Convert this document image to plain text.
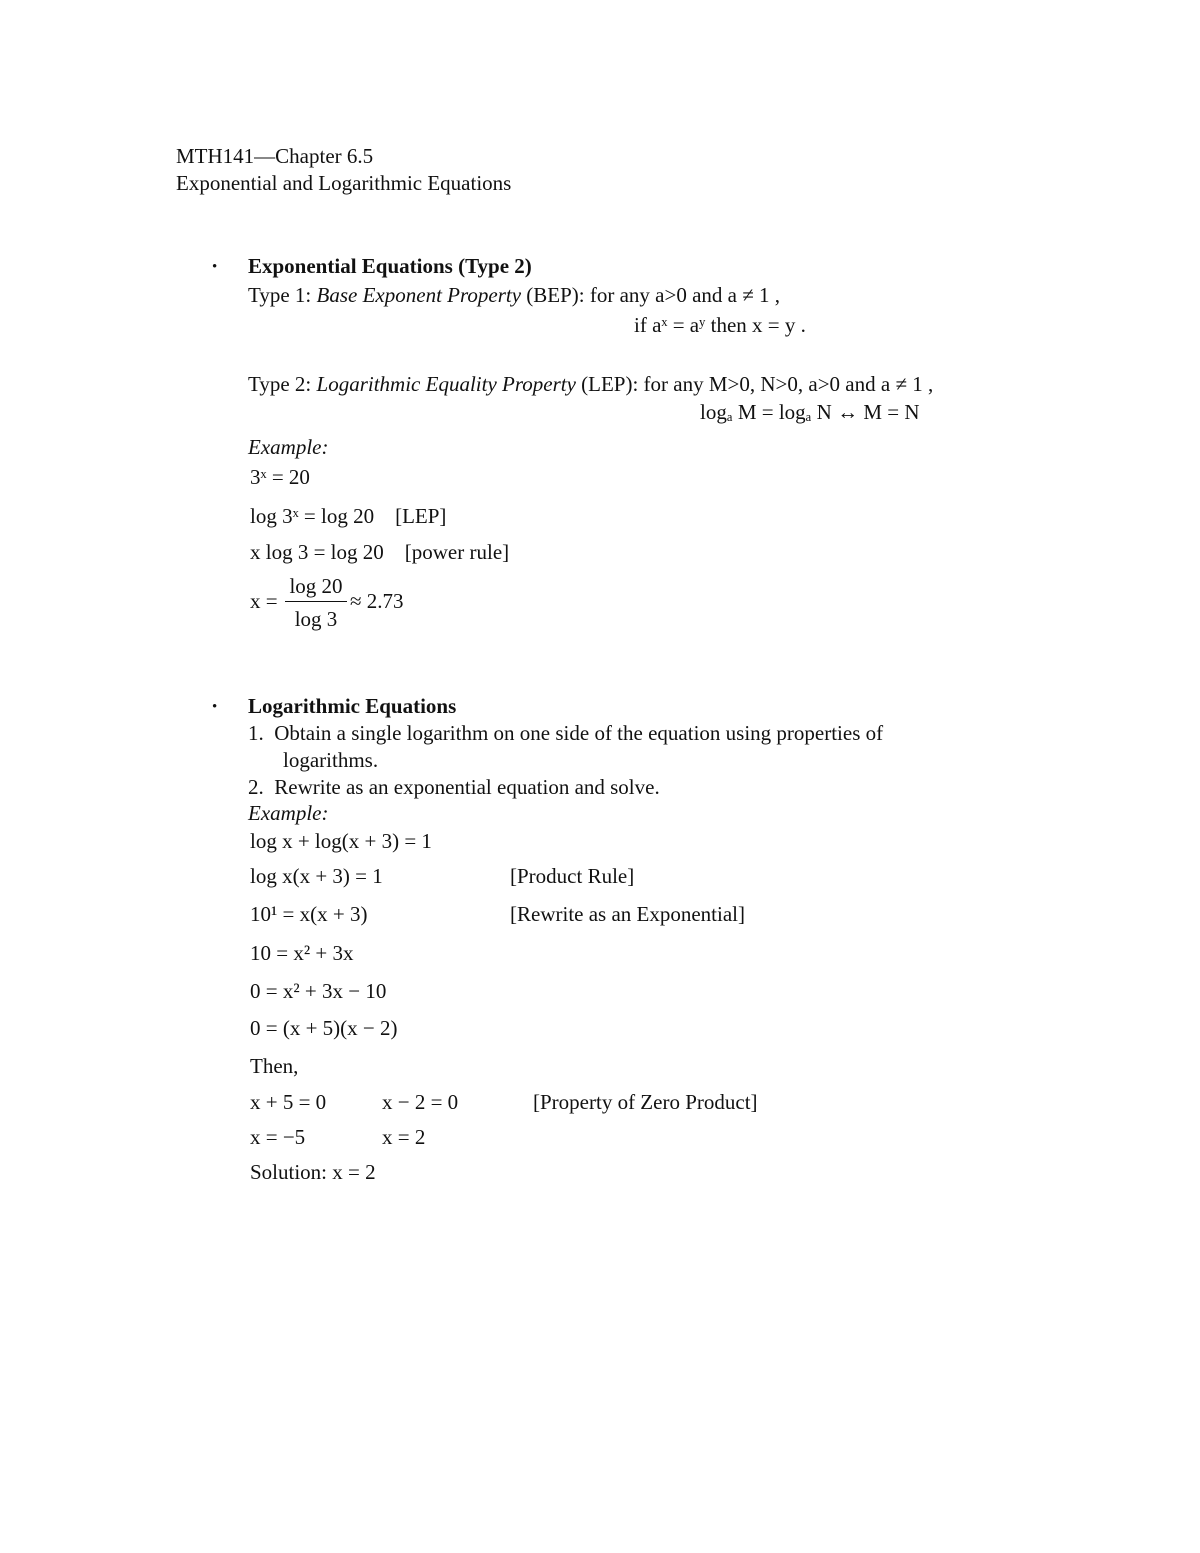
MTH141—Chapter 6.5
Exponential and Logarithmic Equations
• Exponential Equations (Type 2)
Type 1: Base Exponent Property (BEP): for any a>0 and a ≠ 1 ,
if aˣ = aʸ then x = y .
Type 2: Logarithmic Equality Property (LEP): for any M>0, N>0, a>0 and a ≠ 1 ,
logₐ M = logₐ N ↔ M = N
Example:
3ˣ = 20
log 3ˣ = log 20    [LEP]
x log 3 = log 20    [power rule]
x =
log 20
log 3
≈ 2.73
• Logarithmic Equations
1.  Obtain a single logarithm on one side of the equation using properties of
logarithms.
2.  Rewrite as an exponential equation and solve.
Example:
log x + log(x + 3) = 1
log x(x + 3) = 1	[Product Rule]
10¹ = x(x + 3)	[Rewrite as an Exponential]
10 = x² + 3x
0 = x² + 3x − 10
0 = (x + 5)(x − 2)
Then,
x + 5 = 0	x − 2 = 0	[Property of Zero Product]
x = −5	x = 2
Solution: x = 2
